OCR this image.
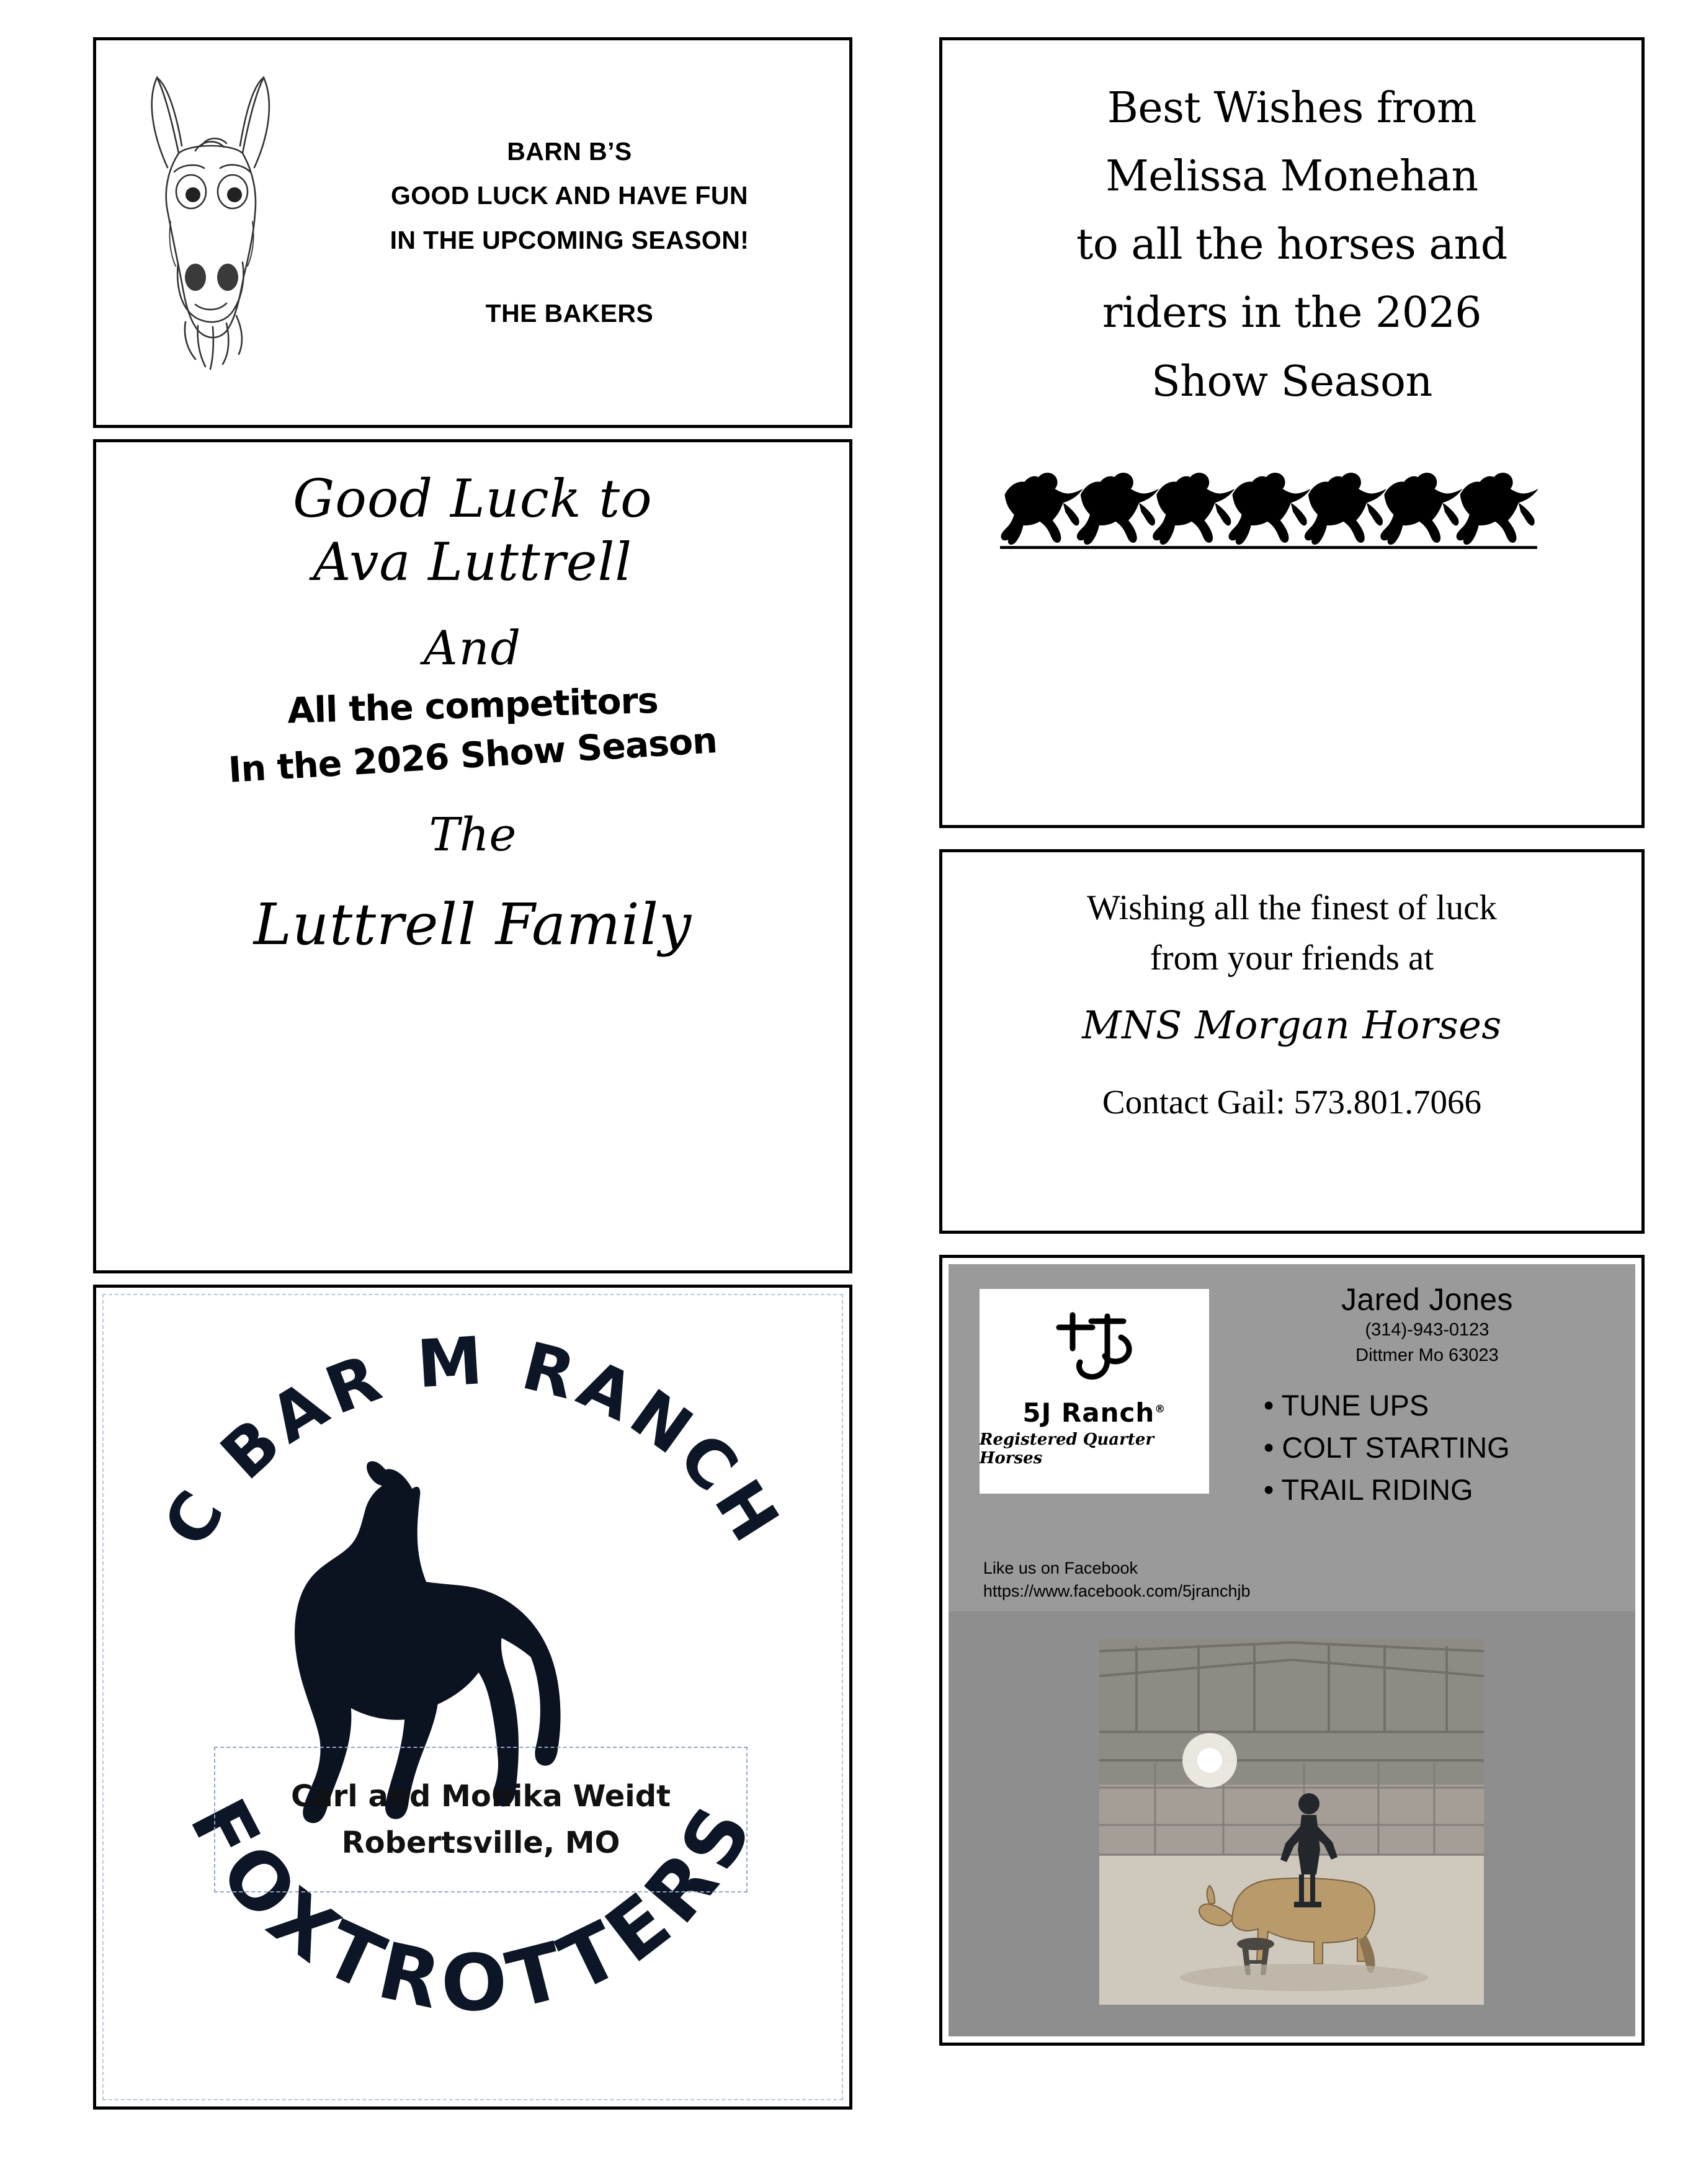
BARN B’S
GOOD LUCK AND HAVE FUN
IN THE UPCOMING SEASON!
THE BAKERS
Good Luck to
Ava Luttrell
And
All the competitors
In the 2026 Show Season
The
Luttrell Family
C BAR M RANCH
FOXTROTTERS
Carl and Monika Weidt
Robertsville, MO
Best Wishes from
Melissa Monehan
to all the horses and
riders in the 2026
Show Season
Wishing all the finest of luck
from your friends at
MNS Morgan Horses
Contact Gail: 573.801.7066
5J Ranch®
Registered Quarter Horses
Jared Jones
(314)-943-0123
Dittmer Mo 63023
• TUNE UPS
• COLT STARTING
• TRAIL RIDING
Like us on Facebook
https://www.facebook.com/5jranchjb
